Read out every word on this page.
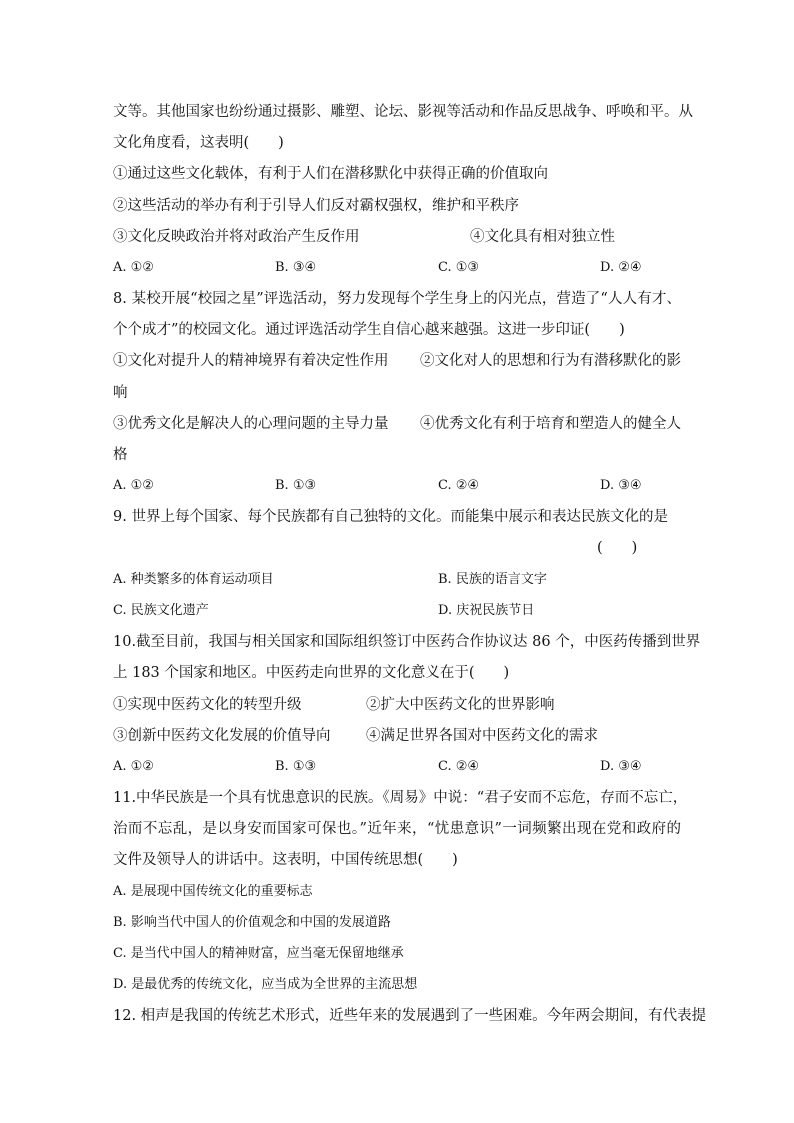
文等。其他国家也纷纷通过摄影、雕塑、论坛、影视等活动和作品反思战争、呼唤和平。从
文化角度看，这表明(　　)
①通过这些文化载体，有利于人们在潜移默化中获得正确的价值取向
②这些活动的举办有利于引导人们反对霸权强权，维护和平秩序
③文化反映政治并将对政治产生反作用	④文化具有相对独立性
A. ①②	B. ③④	C. ①③	D. ②④
8. 某校开展“校园之星”评选活动，努力发现每个学生身上的闪光点，营造了“人人有才、
个个成才”的校园文化。通过评选活动学生自信心越来越强。这进一步印证(　　)
①文化对提升人的精神境界有着决定性作用 ②文化对人的思想和行为有潜移默化的影
响
③优秀文化是解决人的心理问题的主导力量 ④优秀文化有利于培育和塑造人的健全人
格
A. ①②	B. ①③	C. ②④	D. ③④
9. 世界上每个国家、每个民族都有自己独特的文化。而能集中展示和表达民族文化的是
(　　)
A. 种类繁多的体育运动项目	B. 民族的语言文字
C. 民族文化遗产	D. 庆祝民族节日
10.截至目前，我国与相关国家和国际组织签订中医药合作协议达 86 个，中医药传播到世界
上 183 个国家和地区。中医药走向世界的文化意义在于(　　)
①实现中医药文化的转型升级	②扩大中医药文化的世界影响
③创新中医药文化发展的价值导向 ④满足世界各国对中医药文化的需求
A. ①②	B. ①③	C. ②④	D. ③④
11.中华民族是一个具有忧患意识的民族。《周易》中说：“君子安而不忘危，存而不忘亡，
治而不忘乱，是以身安而国家可保也。”近年来，“忧患意识”一词频繁出现在党和政府的
文件及领导人的讲话中。这表明，中国传统思想(　　)
A. 是展现中国传统文化的重要标志
B. 影响当代中国人的价值观念和中国的发展道路
C. 是当代中国人的精神财富，应当毫无保留地继承
D. 是最优秀的传统文化，应当成为全世界的主流思想
12. 相声是我国的传统艺术形式，近些年来的发展遇到了一些困难。今年两会期间，有代表提
